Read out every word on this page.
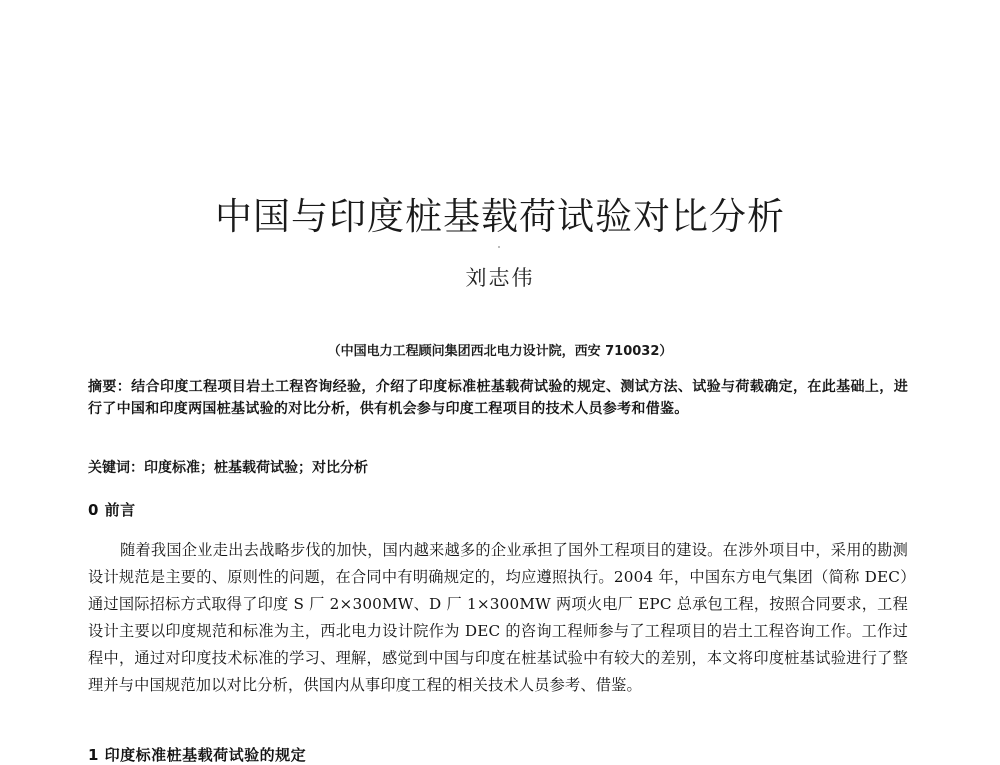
中国与印度桩基载荷试验对比分析
刘志伟
（中国电力工程顾问集团西北电力设计院，西安 710032）
摘要：结合印度工程项目岩土工程咨询经验，介绍了印度标准桩基载荷试验的规定、测试方法、试验与荷载确定，在此基础上，进行了中国和印度两国桩基试验的对比分析，供有机会参与印度工程项目的技术人员参考和借鉴。
关键词：印度标准；桩基载荷试验；对比分析
0 前言
随着我国企业走出去战略步伐的加快，国内越来越多的企业承担了国外工程项目的建设。在涉外项目中，采用的勘测设计规范是主要的、原则性的问题，在合同中有明确规定的，均应遵照执行。2004 年，中国东方电气集团（简称 DEC）通过国际招标方式取得了印度 S 厂 2×300MW、D 厂 1×300MW 两项火电厂 EPC 总承包工程，按照合同要求，工程设计主要以印度规范和标准为主，西北电力设计院作为 DEC 的咨询工程师参与了工程项目的岩土工程咨询工作。工作过程中，通过对印度技术标准的学习、理解，感觉到中国与印度在桩基试验中有较大的差别，本文将印度桩基试验进行了整理并与中国规范加以对比分析，供国内从事印度工程的相关技术人员参考、借鉴。
1 印度标准桩基载荷试验的规定
